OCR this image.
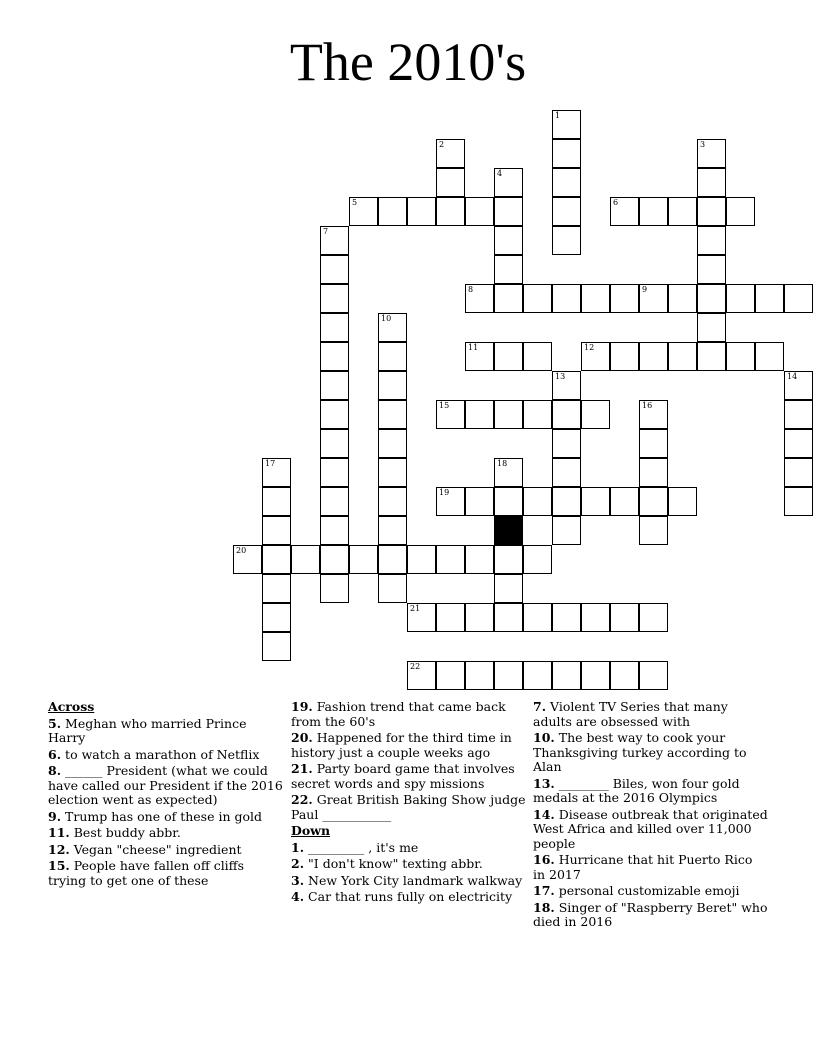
The 2010's
1
2	3
4
5	6
7
8	9
10
11	12
13	14
15	16
17	18
19
20
21
22
Across
5. Meghan who married Prince Harry
6. to watch a marathon of Netflix
8. ______ President (what we could have called our President if the 2016 election went as expected)
9. Trump has one of these in gold
11. Best buddy abbr.
12. Vegan "cheese" ingredient
15. People have fallen off cliffs trying to get one of these
19. Fashion trend that came back from the 60's
20. Happened for the third time in history just a couple weeks ago
21. Party board game that involves secret words and spy missions
22. Great British Baking Show judge Paul ___________
Down
1. _________ , it's me
2. "I don't know" texting abbr.
3. New York City landmark walkway
4. Car that runs fully on electricity
7. Violent TV Series that many adults are obsessed with
10. The best way to cook your Thanksgiving turkey according to Alan
13. ________ Biles, won four gold medals at the 2016 Olympics
14. Disease outbreak that originated West Africa and killed over 11,000 people
16. Hurricane that hit Puerto Rico in 2017
17. personal customizable emoji
18. Singer of "Raspberry Beret" who died in 2016
